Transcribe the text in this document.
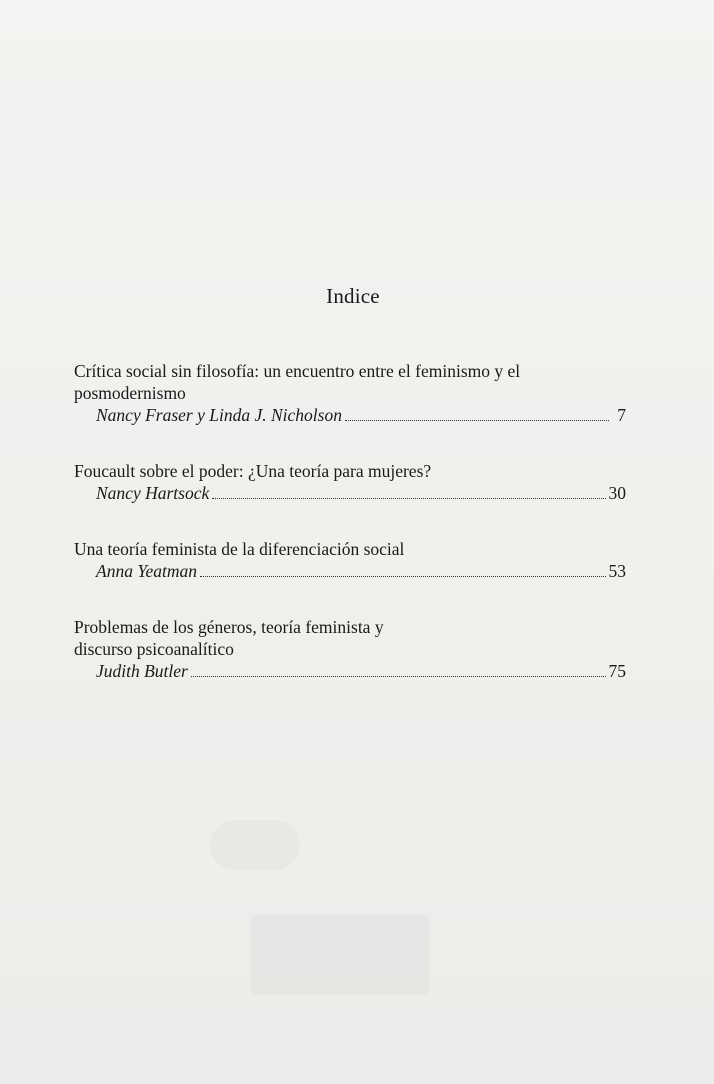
Indice

Crítica social sin filosofía: un encuentro entre el feminismo y el posmodernismo

Nancy Fraser y Linda J. Nicholson	7

Foucault sobre el poder: ¿Una teoría para mujeres?

Nancy Hartsock	30

Una teoría feminista de la diferenciación social

Anna Yeatman	53

Problemas de los géneros, teoría feminista y discurso psicoanalítico

Judith Butler	75
